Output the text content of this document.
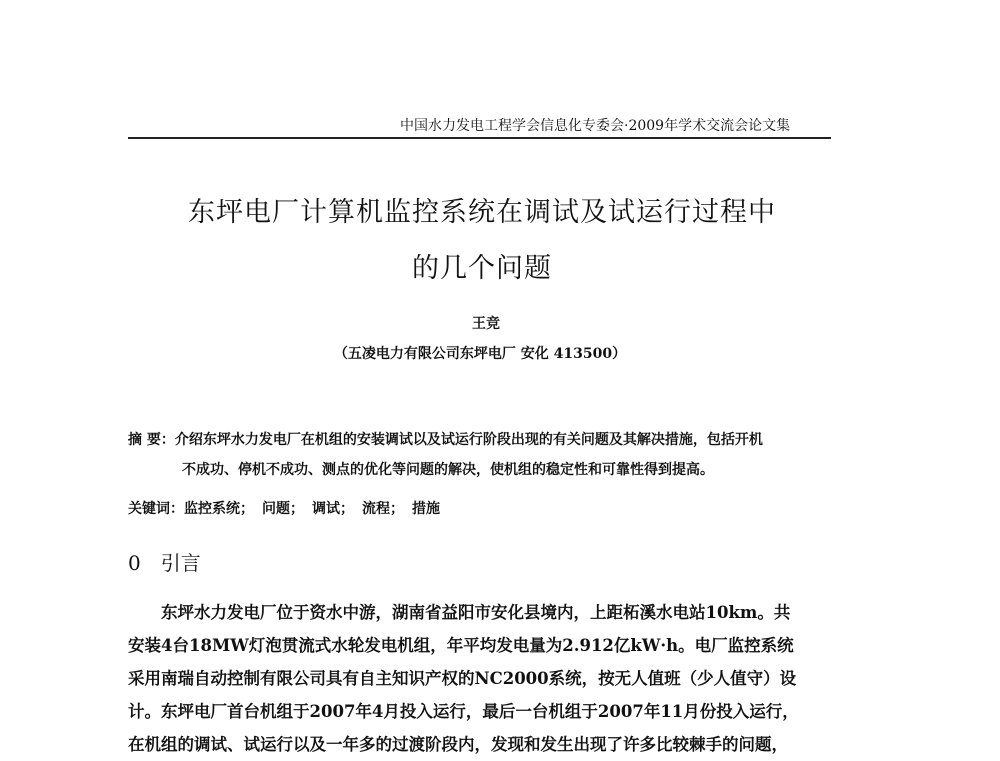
中国水力发电工程学会信息化专委会·2009年学术交流会论文集
东坪电厂计算机监控系统在调试及试运行过程中
的几个问题
王竞
（五凌电力有限公司东坪电厂 安化 413500）
摘 要：介绍东坪水力发电厂在机组的安装调试以及试运行阶段出现的有关问题及其解决措施，包括开机
不成功、停机不成功、测点的优化等问题的解决，使机组的稳定性和可靠性得到提高。
关键词：监控系统； 问题； 调试； 流程； 措施
0 引言
东坪水力发电厂位于资水中游，湖南省益阳市安化县境内，上距柘溪水电站10km。共
安装4台18MW灯泡贯流式水轮发电机组，年平均发电量为2.912亿kW·h。电厂监控系统
采用南瑞自动控制有限公司具有自主知识产权的NC2000系统，按无人值班（少人值守）设
计。东坪电厂首台机组于2007年4月投入运行，最后一台机组于2007年11月份投入运行，
在机组的调试、试运行以及一年多的过渡阶段内，发现和发生出现了许多比较棘手的问题，
